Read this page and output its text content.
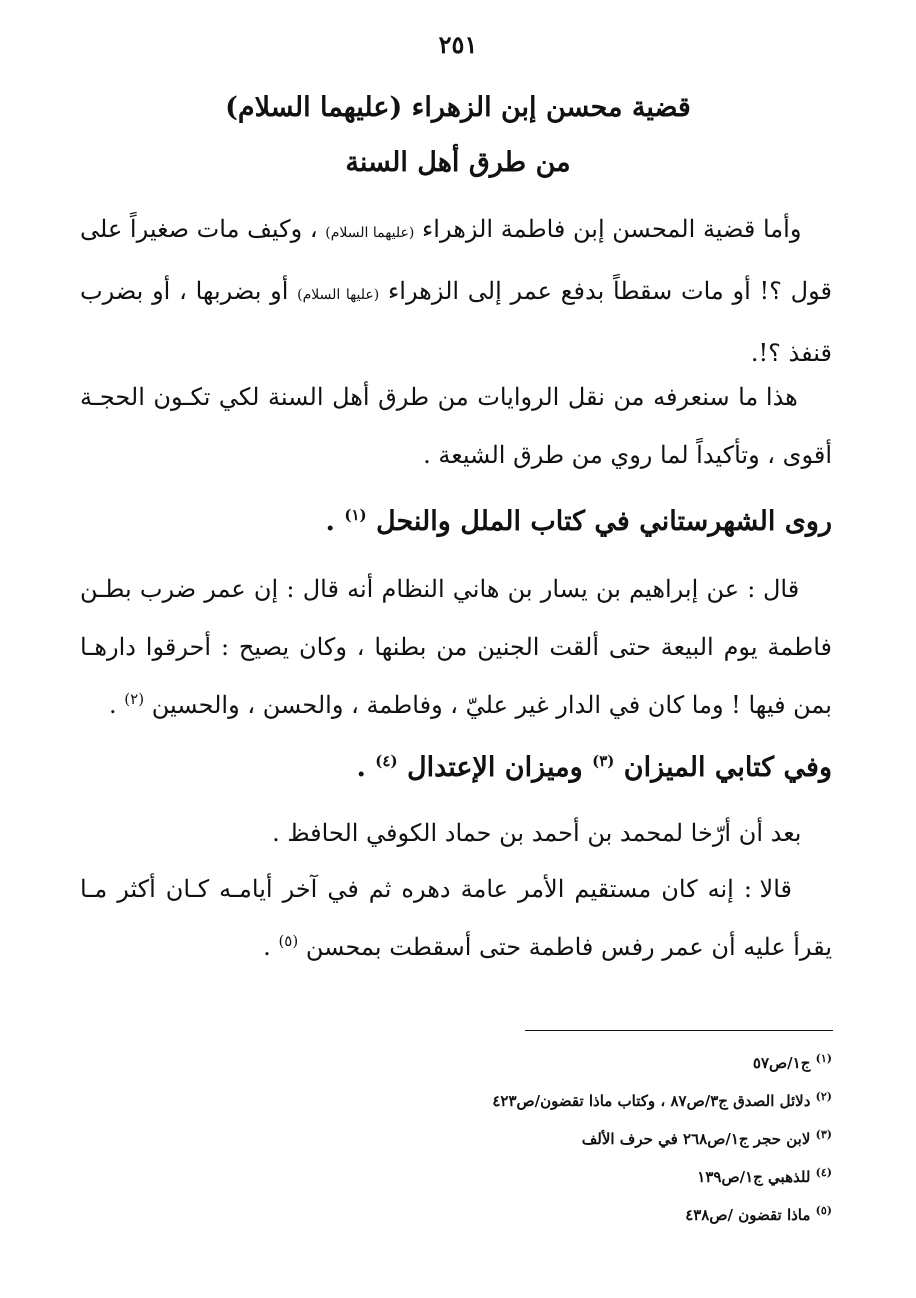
٢٥١
قضية محسن إبن الزهراء (عليهما السلام)
من طرق أهل السنة

وأما قضية المحسن إبن فاطمة الزهراء (عليهما السلام) ، وكيف مات صغيراً على قول ؟! أو مات سقطاً بدفع عمر إلى الزهراء (عليها السلام) أو بضربها ، أو بضرب قنفذ ؟!.

هذا ما سنعرفه من نقل الروايات من طرق أهل السنة لكي تكـون الحجـة أقوى ، وتأكيداً لما روي من طرق الشيعة .

روى الشهرستاني في كتاب الملل والنحل $^{(١)}$ .

قال : عن إبراهيم بن يسار بن هاني النظام أنه قال : إن عمر ضرب بطـن فاطمة يوم البيعة حتى ألقت الجنين من بطنها ، وكان يصيح : أحرقوا دارهـا بمن فيها ! وما كان في الدار غير عليّ ، وفاطمة ، والحسن ، والحسين $^{(٢)}$ .

وفي كتابي الميزان $^{(٣)}$ وميزان الإعتدال $^{(٤)}$ .

بعد أن أرّخا لمحمد بن أحمد بن حماد الكوفي الحافظ .

قالا : إنه كان مستقيم الأمر عامة دهره ثم في آخر أيامـه كـان أكثر مـا يقرأ عليه أن عمر رفس فاطمة حتى أسقطت بمحسن $^{(٥)}$ .

$^{(١)}$ ج١/ص٥٧
$^{(٢)}$ دلائل الصدق ج٣/ص٨٧ ، وكتاب ماذا تقضون/ص٤٢٣
$^{(٣)}$ لابن حجر ج١/ص٢٦٨ في حرف الألف
$^{(٤)}$ للذهبي ج١/ص١٣٩
$^{(٥)}$ ماذا تقضون /ص٤٣٨
